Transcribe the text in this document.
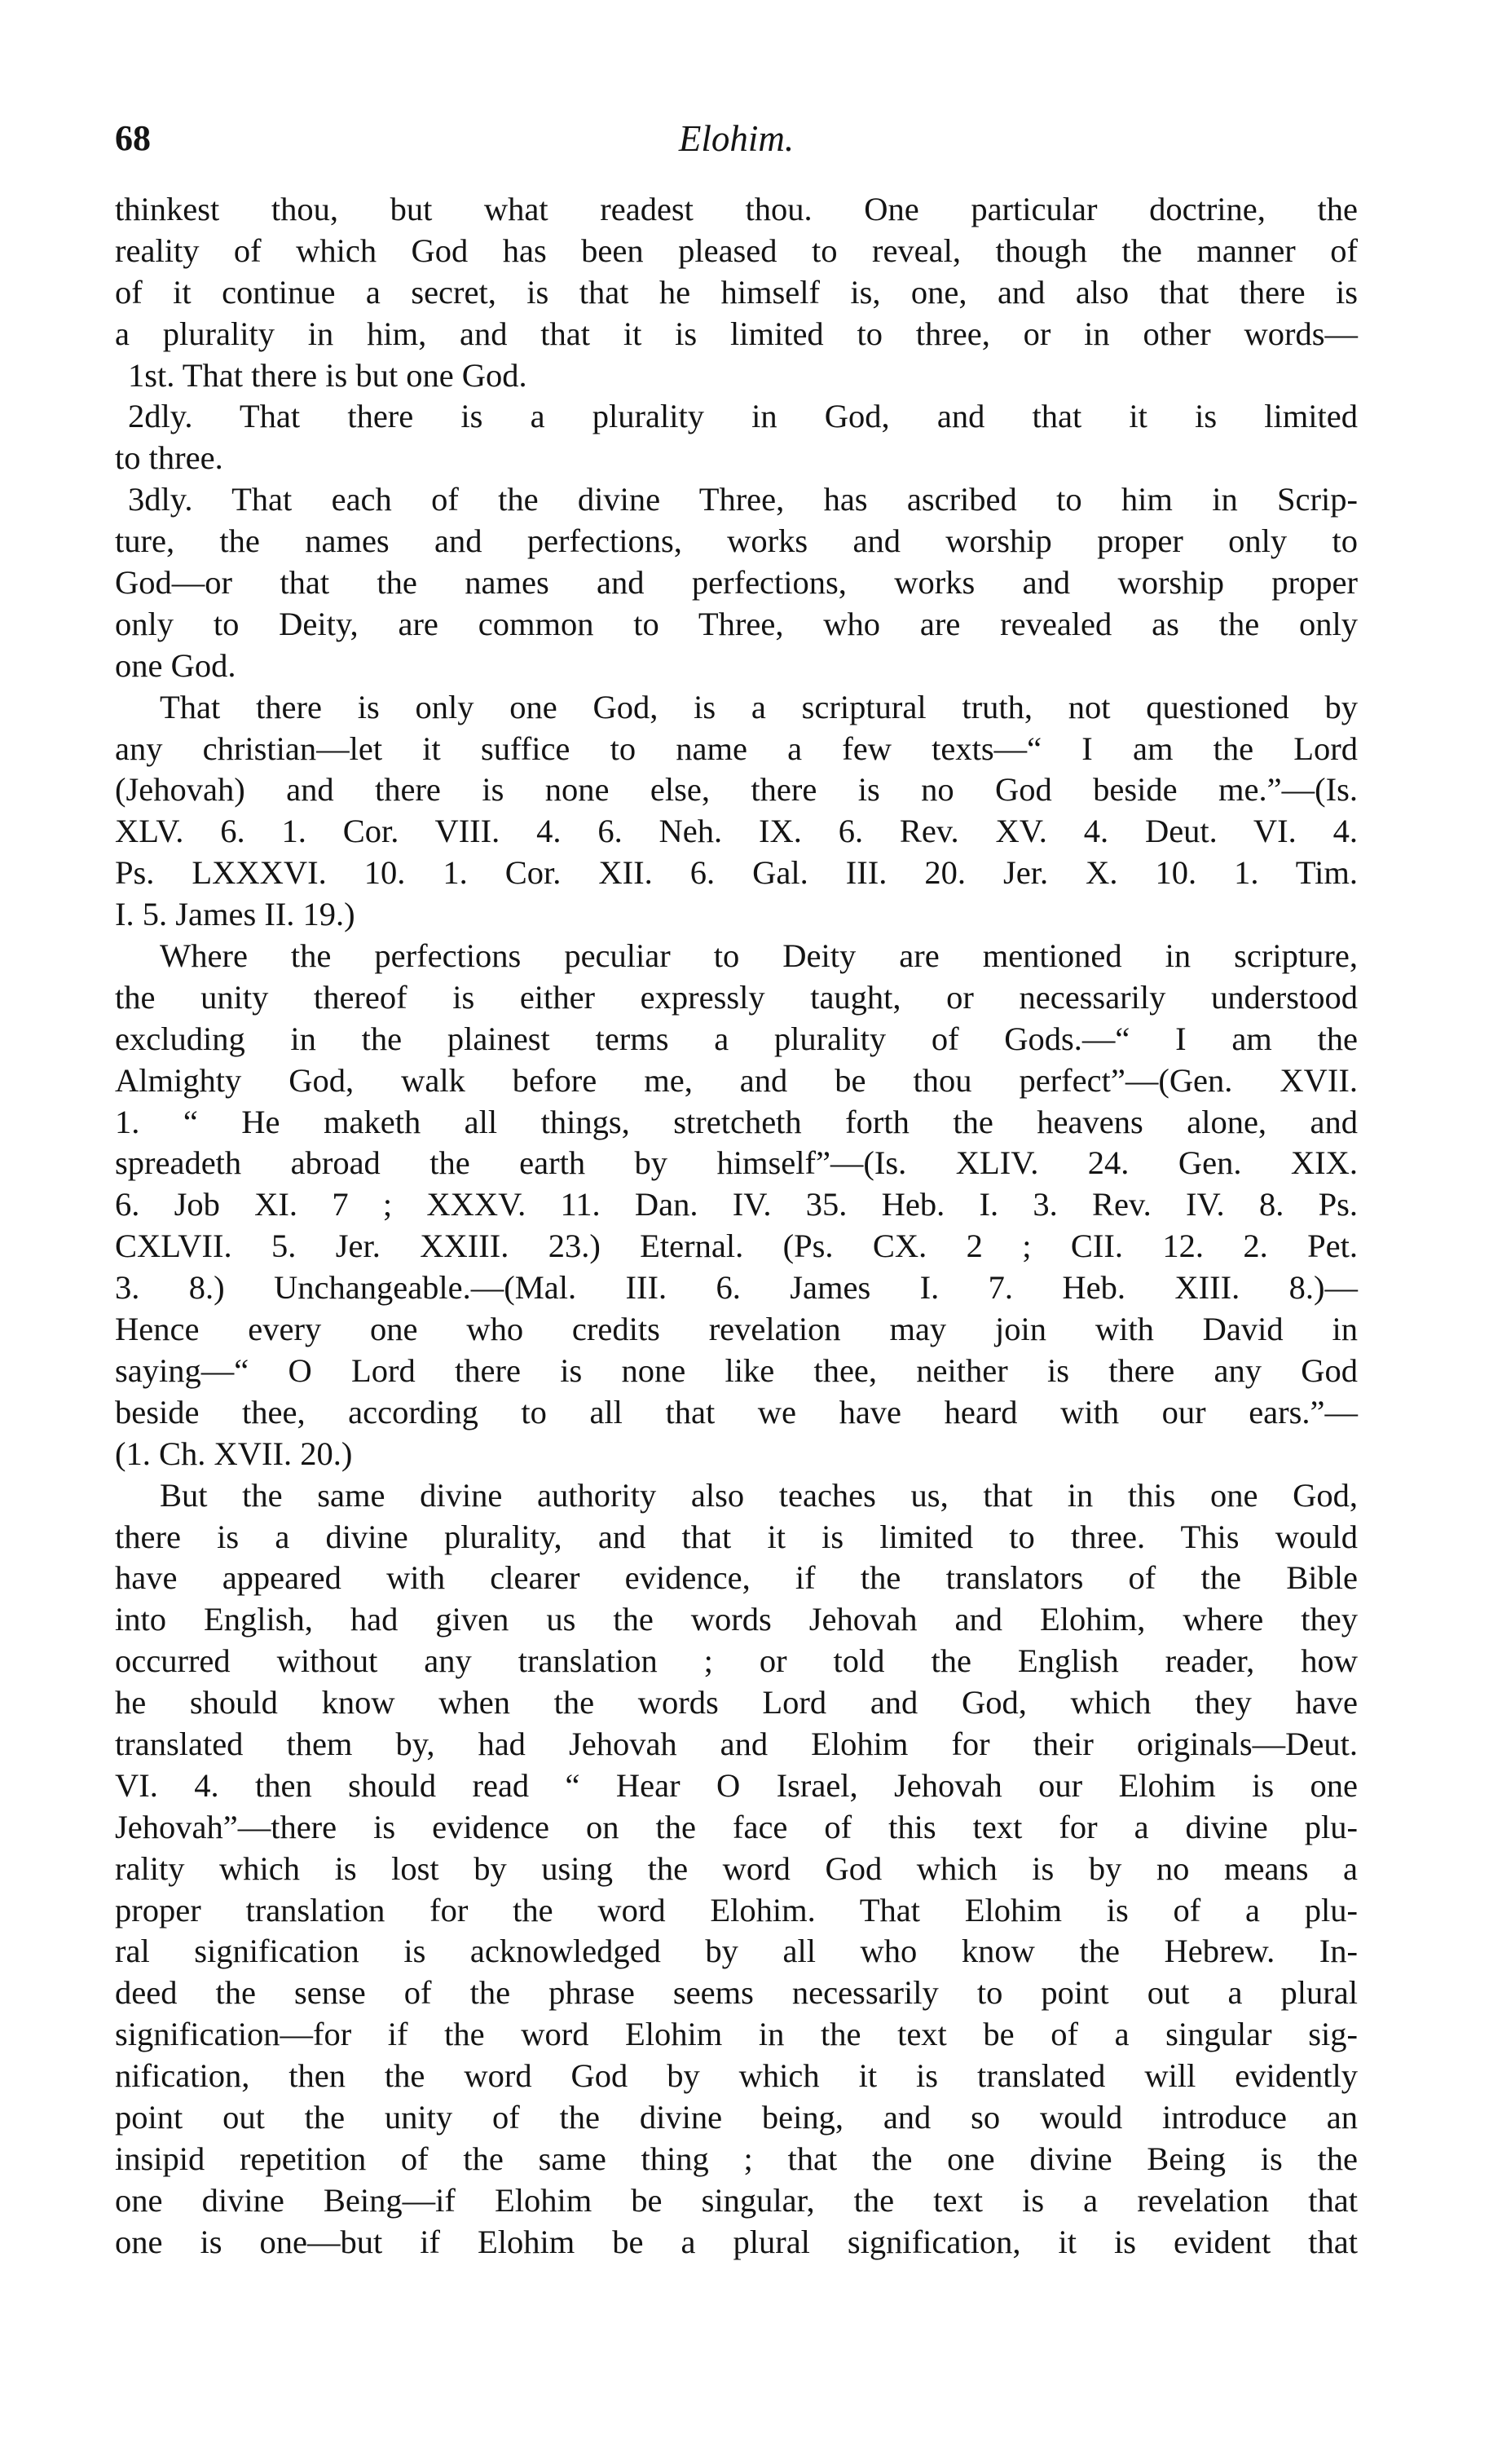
68	Elohim.
thinkest thou, but what readest thou. One particular doctrine, the
reality of which God has been pleased to reveal, though the manner of
of it continue a secret, is that he himself is, one, and also that there is
a plurality in him, and that it is limited to three, or in other words—
1st. That there is but one God.
2dly. That there is a plurality in God, and that it is limited
to three.
3dly. That each of the divine Three, has ascribed to him in Scrip-
ture, the names and perfections, works and worship proper only to
God—or that the names and perfections, works and worship proper
only to Deity, are common to Three, who are revealed as the only
one God.
That there is only one God, is a scriptural truth, not questioned by
any christian—let it suffice to name a few texts—“ I am the Lord
(Jehovah) and there is none else, there is no God beside me.”—(Is.
XLV. 6. 1. Cor. VIII. 4. 6. Neh. IX. 6. Rev. XV. 4. Deut. VI. 4.
Ps. LXXXVI. 10. 1. Cor. XII. 6. Gal. III. 20. Jer. X. 10. 1. Tim.
I. 5. James II. 19.)
Where the perfections peculiar to Deity are mentioned in scripture,
the unity thereof is either expressly taught, or necessarily understood
excluding in the plainest terms a plurality of Gods.—“ I am the
Almighty God, walk before me, and be thou perfect”—(Gen. XVII.
1. “ He maketh all things, stretcheth forth the heavens alone, and
spreadeth abroad the earth by himself”—(Is. XLIV. 24. Gen. XIX.
6. Job XI. 7 ; XXXV. 11. Dan. IV. 35. Heb. I. 3. Rev. IV. 8. Ps.
CXLVII. 5. Jer. XXIII. 23.) Eternal. (Ps. CX. 2 ; CII. 12. 2. Pet.
3. 8.) Unchangeable.—(Mal. III. 6. James I. 7. Heb. XIII. 8.)—
Hence every one who credits revelation may join with David in
saying—“ O Lord there is none like thee, neither is there any God
beside thee, according to all that we have heard with our ears.”—
(1. Ch. XVII. 20.)
But the same divine authority also teaches us, that in this one God,
there is a divine plurality, and that it is limited to three. This would
have appeared with clearer evidence, if the translators of the Bible
into English, had given us the words Jehovah and Elohim, where they
occurred without any translation ; or told the English reader, how
he should know when the words Lord and God, which they have
translated them by, had Jehovah and Elohim for their originals—Deut.
VI. 4. then should read “ Hear O Israel, Jehovah our Elohim is one
Jehovah”—there is evidence on the face of this text for a divine plu-
rality which is lost by using the word God which is by no means a
proper translation for the word Elohim. That Elohim is of a plu-
ral signification is acknowledged by all who know the Hebrew. In-
deed the sense of the phrase seems necessarily to point out a plural
signification—for if the word Elohim in the text be of a singular sig-
nification, then the word God by which it is translated will evidently
point out the unity of the divine being, and so would introduce an
insipid repetition of the same thing ; that the one divine Being is the
one divine Being—if Elohim be singular, the text is a revelation that
one is one—but if Elohim be a plural signification, it is evident that
